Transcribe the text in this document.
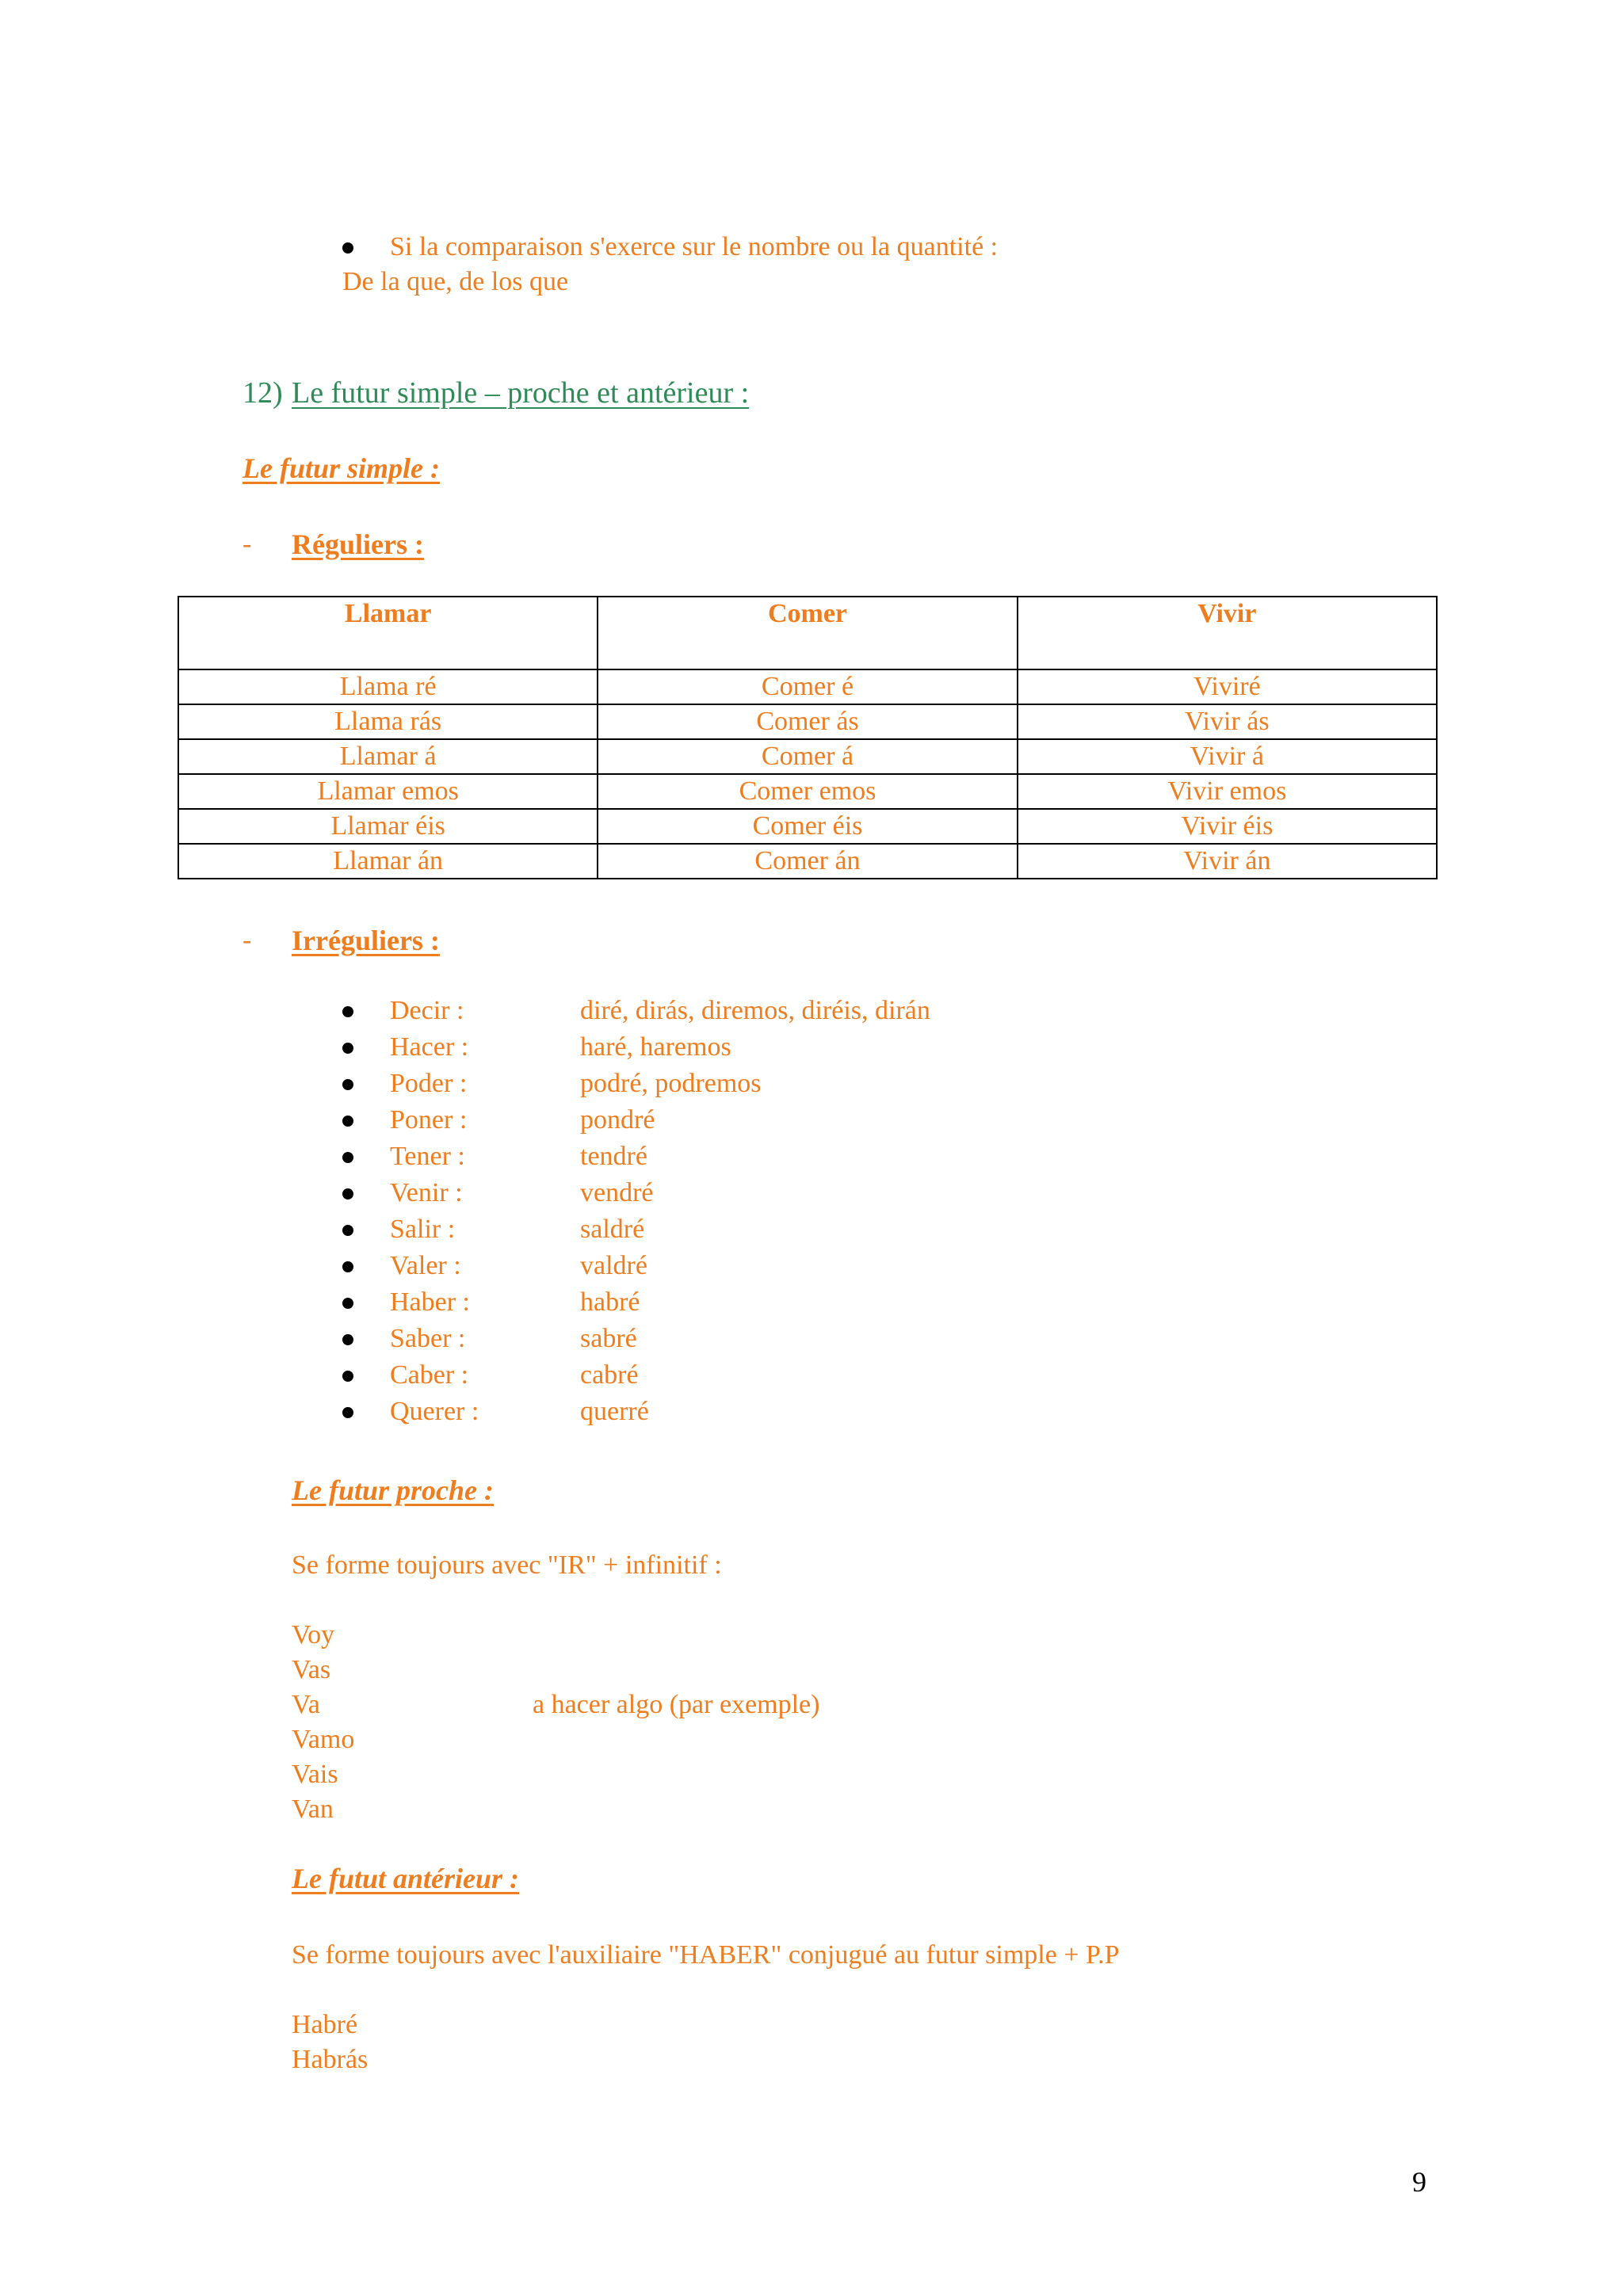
Si la comparaison s'exerce sur le nombre ou la quantité :
De la que, de los que
12) Le futur simple – proche et antérieur :
Le futur simple :
- Réguliers :
Llamar	Comer	Vivir
Llama ré	Comer é	Viviré
Llama rás	Comer ás	Vivir ás
Llamar á	Comer á	Vivir á
Llamar emos	Comer emos	Vivir emos
Llamar éis	Comer éis	Vivir éis
Llamar án	Comer án	Vivir án
- Irréguliers :
Decir :	diré, dirás, diremos, diréis, dirán
Hacer :	haré, haremos
Poder :	podré, podremos
Poner :	pondré
Tener :	tendré
Venir :	vendré
Salir :	saldré
Valer :	valdré
Haber :	habré
Saber :	sabré
Caber :	cabré
Querer :	querré
Le futur proche :
Se forme toujours avec "IR" + infinitif :
Voy
Vas
Va
Vamo
Vais
Van
a hacer algo (par exemple)
Le futut antérieur :
Se forme toujours avec l'auxiliaire "HABER" conjugué au futur simple + P.P
Habré
Habrás
9
